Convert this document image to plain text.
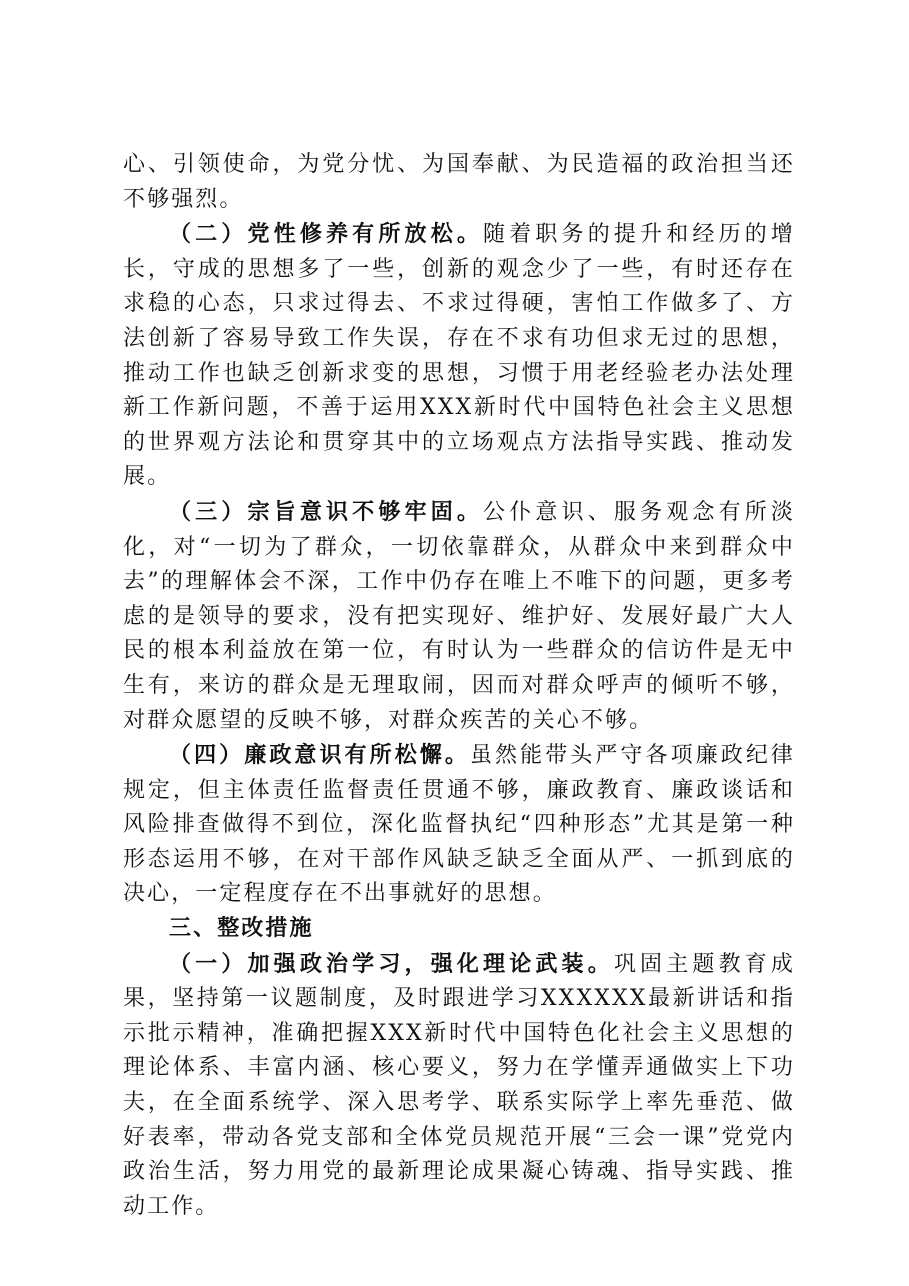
心、引领使命，为党分忧、为国奉献、为民造福的政治担当还不够强烈。

（二）党性修养有所放松。随着职务的提升和经历的增长，守成的思想多了一些，创新的观念少了一些，有时还存在求稳的心态，只求过得去、不求过得硬，害怕工作做多了、方法创新了容易导致工作失误，存在不求有功但求无过的思想，推动工作也缺乏创新求变的思想，习惯于用老经验老办法处理新工作新问题，不善于运用XXX新时代中国特色社会主义思想的世界观方法论和贯穿其中的立场观点方法指导实践、推动发展。

（三）宗旨意识不够牢固。公仆意识、服务观念有所淡化，对“一切为了群众，一切依靠群众，从群众中来到群众中去”的理解体会不深，工作中仍存在唯上不唯下的问题，更多考虑的是领导的要求，没有把实现好、维护好、发展好最广大人民的根本利益放在第一位，有时认为一些群众的信访件是无中生有，来访的群众是无理取闹，因而对群众呼声的倾听不够，对群众愿望的反映不够，对群众疾苦的关心不够。

（四）廉政意识有所松懈。虽然能带头严守各项廉政纪律规定，但主体责任监督责任贯通不够，廉政教育、廉政谈话和风险排查做得不到位，深化监督执纪“四种形态”尤其是第一种形态运用不够，在对干部作风缺乏缺乏全面从严、一抓到底的决心，一定程度存在不出事就好的思想。

三、整改措施

（一）加强政治学习，强化理论武装。巩固主题教育成果，坚持第一议题制度，及时跟进学习XXXXXX最新讲话和指示批示精神，准确把握XXX新时代中国特色化社会主义思想的理论体系、丰富内涵、核心要义，努力在学懂弄通做实上下功夫，在全面系统学、深入思考学、联系实际学上率先垂范、做好表率，带动各党支部和全体党员规范开展“三会一课”党党内政治生活，努力用党的最新理论成果凝心铸魂、指导实践、推动工作。
